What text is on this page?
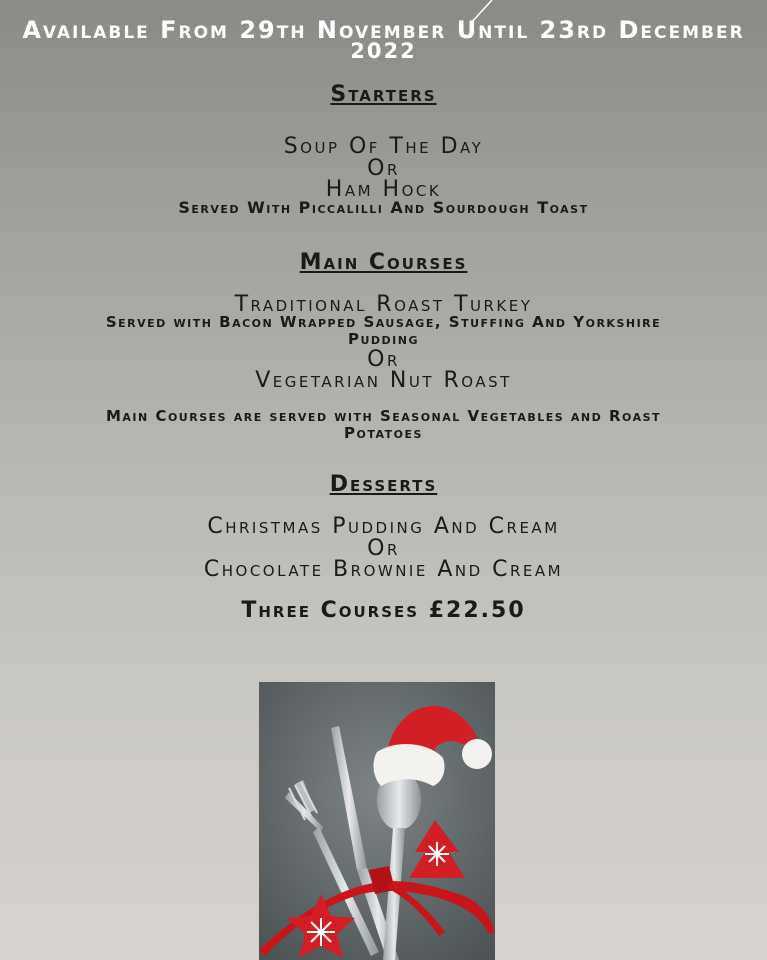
Available From 29th November Until 23rd December
2022
Starters
Soup Of The Day
Or
Ham Hock
Served With Piccalilli And Sourdough Toast
Main Courses
Traditional Roast Turkey
Served with Bacon Wrapped Sausage, Stuffing And Yorkshire
Pudding
Or
Vegetarian Nut Roast
Main Courses are served with Seasonal Vegetables and Roast
Potatoes
Desserts
Christmas Pudding And Cream
Or
Chocolate Brownie And Cream
Three Courses £22.50
